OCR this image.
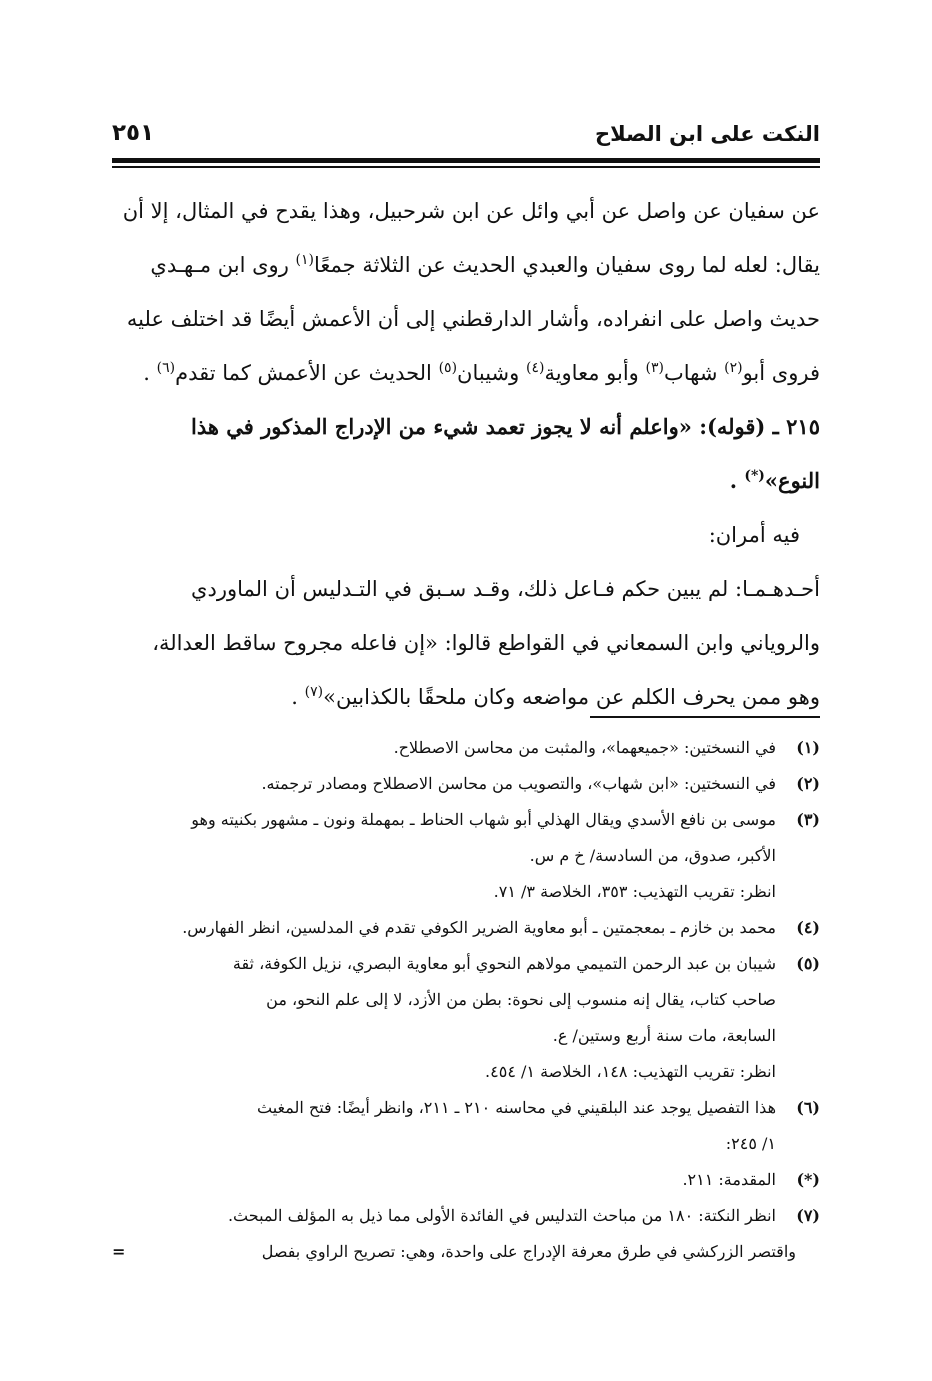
النكت على ابن الصلاح
٢٥١
عن سفيان عن واصل عن أبي وائل عن ابن شرحبيل، وهذا يقدح في المثال، إلا أن
يقال: لعله لما روى سفيان والعبدي الحديث عن الثلاثة جمعًا$^{(١)}$ روى ابن مـهـدي
حديث واصل على انفراده، وأشار الدارقطني إلى أن الأعمش أيضًا قد اختلف عليه
فروى أبو$^{(٢)}$ شهاب$^{(٣)}$ وأبو معاوية$^{(٤)}$ وشيبان$^{(٥)}$ الحديث عن الأعمش كما تقدم$^{(٦)}$ .
٢١٥ ـ (قوله): «واعلم أنه لا يجوز تعمد شيء من الإدراج المذكور في هذا
النوع»(*) .
فيه أمران:
أحـدهـمـا: لم يبين حكم فـاعل ذلك، وقـد سـبق في التـدليس أن الماوردي
والروياني وابن السمعاني في القواطع قالوا: «إن فاعله مجروح ساقط العدالة،
وهو ممن يحرف الكلم عن مواضعه وكان ملحقًا بالكذابين»$^{(٧)}$ .
(١)
في النسختين: «جميعهما»، والمثبت من محاسن الاصطلاح.
(٢)
في النسختين: «ابن شهاب»، والتصويب من محاسن الاصطلاح ومصادر ترجمته.
(٣)
موسى بن نافع الأسدي ويقال الهذلي أبو شهاب الحناط ـ بمهملة ونون ـ مشهور بكنيته وهو
الأكبر، صدوق، من السادسة/ خ م س.
انظر: تقريب التهذيب: ٣٥٣، الخلاصة ٣/ ٧١.
(٤)
محمد بن خازم ـ بمعجمتين ـ أبو معاوية الضرير الكوفي تقدم في المدلسين، انظر الفهارس.
(٥)
شيبان بن عبد الرحمن التميمي مولاهم النحوي أبو معاوية البصري، نزيل الكوفة، ثقة
صاحب كتاب، يقال إنه منسوب إلى نحوة: بطن من الأزد، لا إلى علم النحو، من
السابعة، مات سنة أربع وستين/ ع.
انظر: تقريب التهذيب: ١٤٨، الخلاصة ١/ ٤٥٤.
(٦)
هذا التفصيل يوجد عند البلقيني في محاسنه ٢١٠ ـ ٢١١، وانظر أيضًا: فتح المغيث
١/ ٢٤٥:
(*)
المقدمة: ٢١١.
(٧)
انظر النكتة: ١٨٠ من مباحث التدليس في الفائدة الأولى مما ذيل به المؤلف المبحث.
واقتصر الزركشي في طرق معرفة الإدراج على واحدة، وهي: تصريح الراوي بفصل
=
